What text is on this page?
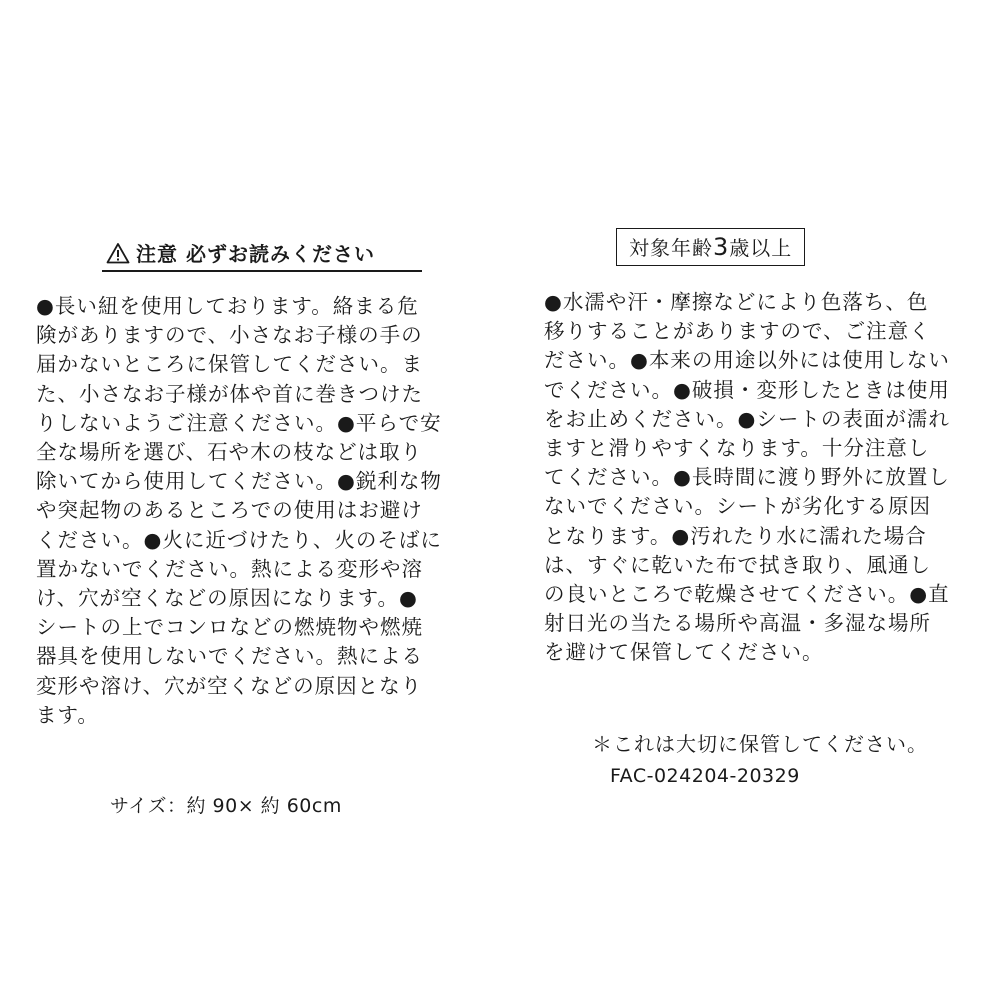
注意 必ずお読みください
●長い紐を使用しております。絡まる危
険がありますので、小さなお子様の手の
届かないところに保管してください。ま
た、小さなお子様が体や首に巻きつけた
りしないようご注意ください。●平らで安
全な場所を選び、石や木の枝などは取り
除いてから使用してください。●鋭利な物
や突起物のあるところでの使用はお避け
ください。●火に近づけたり、火のそばに
置かないでください。熱による変形や溶
け、穴が空くなどの原因になります。●
シートの上でコンロなどの燃焼物や燃焼
器具を使用しないでください。熱による
変形や溶け、穴が空くなどの原因となり
ます。
サイズ：約 90× 約 60cm
対象年齢3歳以上
●水濡や汗・摩擦などにより色落ち、色
移りすることがありますので、ご注意く
ださい。●本来の用途以外には使用しない
でください。●破損・変形したときは使用
をお止めください。●シートの表面が濡れ
ますと滑りやすくなります。十分注意し
てください。●長時間に渡り野外に放置し
ないでください。シートが劣化する原因
となります。●汚れたり水に濡れた場合
は、すぐに乾いた布で拭き取り、風通し
の良いところで乾燥させてください。●直
射日光の当たる場所や高温・多湿な場所
を避けて保管してください。
＊これは大切に保管してください。
FAC-024204-20329
